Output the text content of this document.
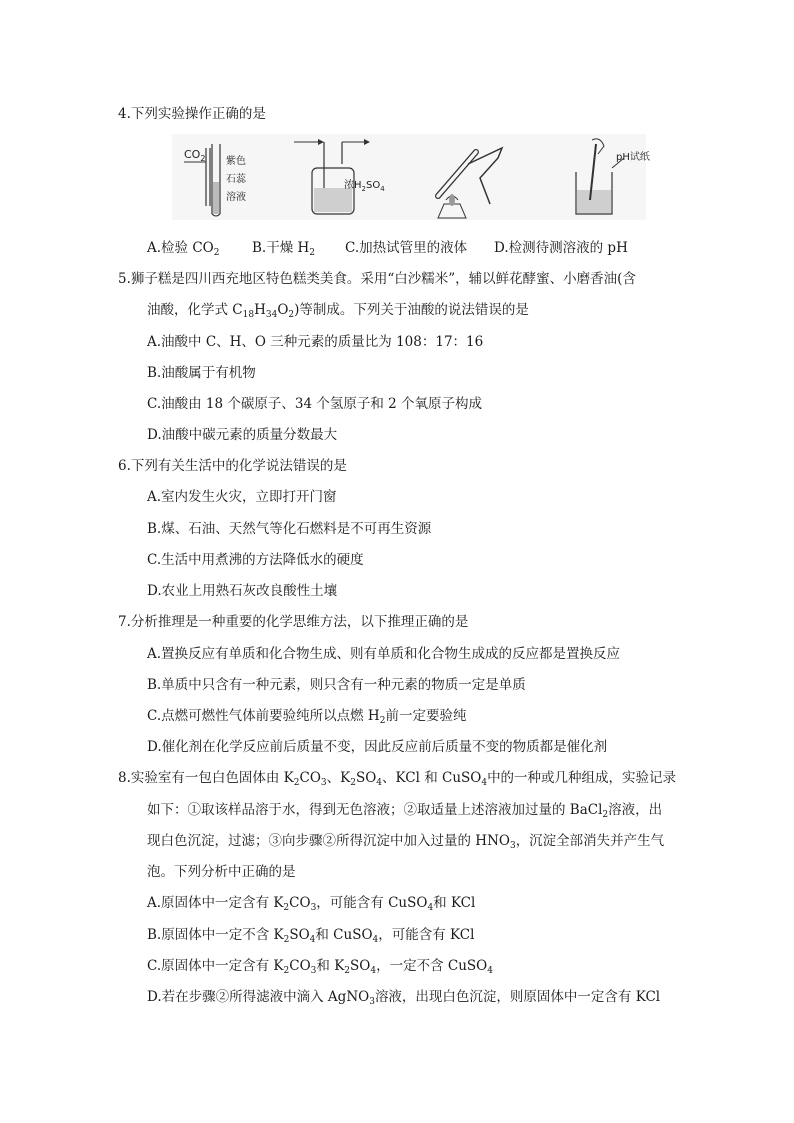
4.下列实验操作正确的是
$CO_2$ 紫色
石蕊
溶液
浓$H_2SO_4$
pH试纸
A.检验 $CO_2$ B.干燥 $H_2$ C.加热试管里的液体 D.检测待测溶液的 pH
5.狮子糕是四川西充地区特色糕类美食。采用“白沙糯米”，辅以鲜花酵蜜、小磨香油(含
油酸，化学式 $C_{18}H_{34}O_2$)等制成。下列关于油酸的说法错误的是
A.油酸中 C、H、O 三种元素的质量比为 108：17：16
B.油酸属于有机物
C.油酸由 18 个碳原子、34 个氢原子和 2 个氧原子构成
D.油酸中碳元素的质量分数最大
6.下列有关生活中的化学说法错误的是
A.室内发生火灾，立即打开门窗
B.煤、石油、天然气等化石燃料是不可再生资源
C.生活中用煮沸的方法降低水的硬度
D.农业上用熟石灰改良酸性土壤
7.分析推理是一种重要的化学思维方法，以下推理正确的是
A.置换反应有单质和化合物生成、则有单质和化合物生成成的反应都是置换反应
B.单质中只含有一种元素，则只含有一种元素的物质一定是单质
C.点燃可燃性气体前要验纯所以点燃 $H_2$前一定要验纯
D.催化剂在化学反应前后质量不变，因此反应前后质量不变的物质都是催化剂
8.实验室有一包白色固体由 $K_2CO_3$、$K_2SO_4$、KCl 和 CuSO$_4$中的一种或几种组成，实验记录
如下：①取该样品溶于水，得到无色溶液；②取适量上述溶液加过量的 BaCl$_2$溶液，出
现白色沉淀，过滤；③向步骤②所得沉淀中加入过量的 $HNO_3$，沉淀全部消失并产生气
泡。下列分析中正确的是
A.原固体中一定含有 $K_2CO_3$，可能含有 CuSO$_4$和 KCl
B.原固体中一定不含 $K_2SO_4$和 CuSO$_4$，可能含有 KCl
C.原固体中一定含有 $K_2CO_3$和 $K_2SO_4$，一定不含 CuSO$_4$
D.若在步骤②所得滤液中滴入 AgNO$_3$溶液，出现白色沉淀，则原固体中一定含有 KCl
